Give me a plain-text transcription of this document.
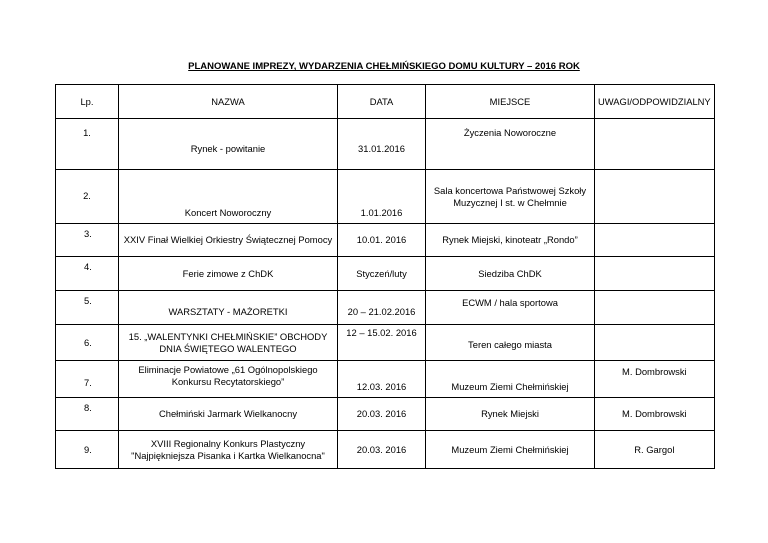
PLANOWANE IMPREZY, WYDARZENIA CHEŁMIŃSKIEGO DOMU KULTURY – 2016 ROK
Lp.	NAZWA	DATA	MIEJSCE	UWAGI/ODPOWIDZIALNY
1.	Rynek - powitanie	31.01.2016	Życzenia Noworoczne	
2.	Koncert Noworoczny	1.01.2016	Sala koncertowa Państwowej Szkoły Muzycznej I st. w Chełmnie	
3.	XXIV Finał Wielkiej Orkiestry Świątecznej Pomocy	10.01. 2016	Rynek Miejski, kinoteatr „Rondo”	
4.	Ferie zimowe z ChDK	Styczeń/luty	Siedziba ChDK	
5.	WARSZTATY - MAŻORETKI	20 – 21.02.2016	ECWM / hala sportowa	
6.	15. „WALENTYNKI CHEŁMIŃSKIE” OBCHODY DNIA ŚWIĘTEGO WALENTEGO	12 – 15.02. 2016	Teren całego miasta	
7.	Eliminacje Powiatowe „61 Ogólnopolskiego Konkursu Recytatorskiego”	12.03. 2016	Muzeum Ziemi Chełmińskiej	M. Dombrowski
8.	Chełmiński Jarmark Wielkanocny	20.03. 2016	Rynek Miejski	M. Dombrowski
9.	XVIII Regionalny Konkurs Plastyczny "Najpiękniejsza Pisanka i Kartka Wielkanocna"	20.03. 2016	Muzeum Ziemi Chełmińskiej	R. Gargol
